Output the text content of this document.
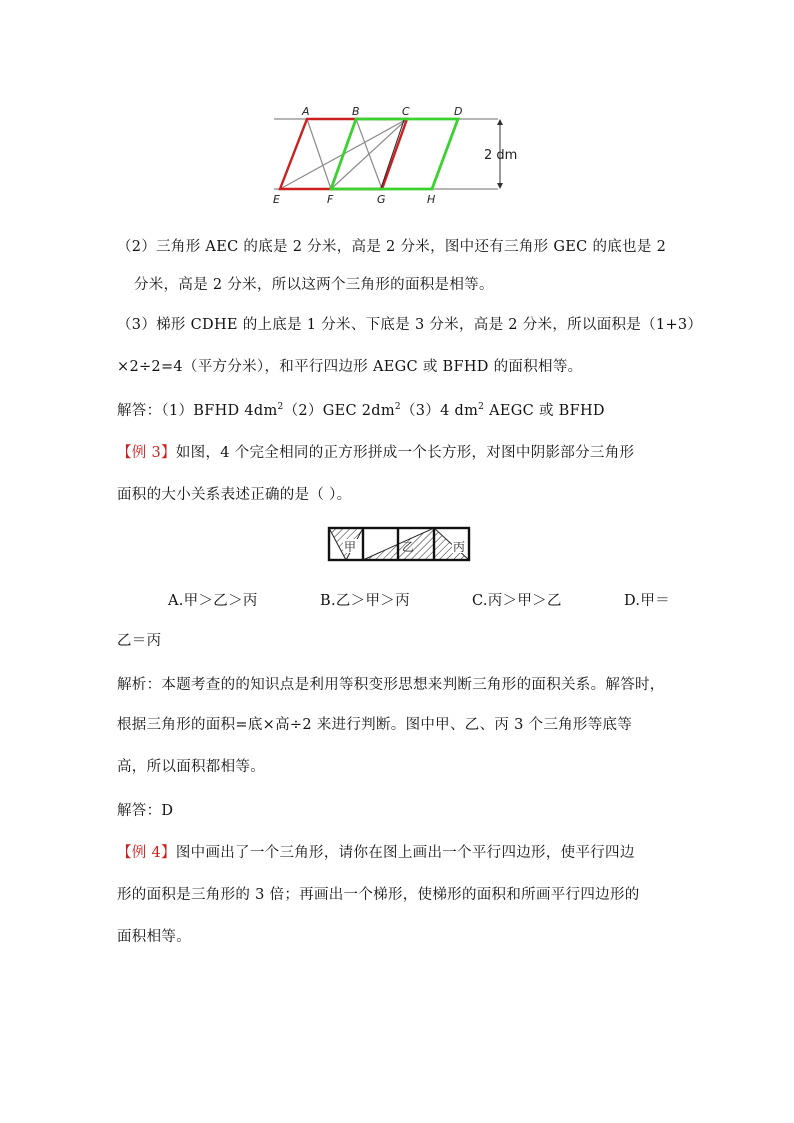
A	B	C	D
E	F	G	H
2 dm
（2）三角形 AEC 的底是 2 分米，高是 2 分米，图中还有三角形 GEC 的底也是 2
分米，高是 2 分米，所以这两个三角形的面积是相等。
（3）梯形 CDHE 的上底是 1 分米、下底是 3 分米，高是 2 分米，所以面积是（1+3）
×2÷2=4（平方分米），和平行四边形 AEGC 或 BFHD 的面积相等。
解答：（1）BFHD $4dm^2(2)GEC$ $2dm^2(3)4$ $dm^2$ AEGC 或 BFHD
【例 3】如图，4 个完全相同的正方形拼成一个长方形，对图中阴影部分三角形
面积的大小关系表述正确的是（ ）。
甲	乙	丙
A.甲＞乙＞丙	B.乙＞甲＞丙	C.丙＞甲＞乙	D.甲＝
乙＝丙
解析：本题考查的的知识点是利用等积变形思想来判断三角形的面积关系。解答时，
根据三角形的面积=底×高÷2 来进行判断。图中甲、乙、丙 3 个三角形等底等
高，所以面积都相等。
解答：D
【例 4】图中画出了一个三角形，请你在图上画出一个平行四边形，使平行四边
形的面积是三角形的 3 倍；再画出一个梯形，使梯形的面积和所画平行四边形的
面积相等。
